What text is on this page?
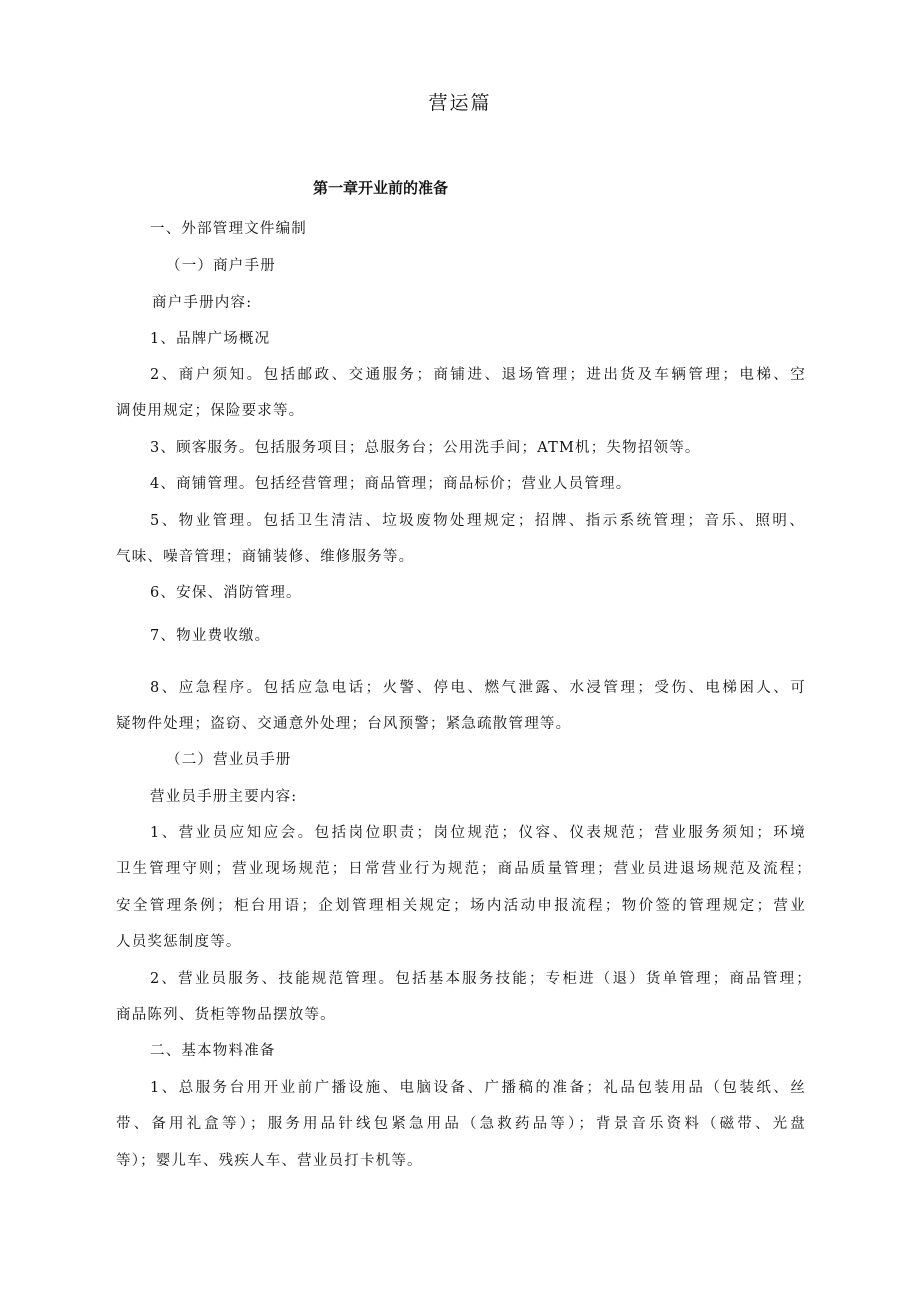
营运篇
第一章开业前的准备
一、外部管理文件编制
（一）商户手册
商户手册内容:
1、品牌广场概况
2、商户须知。包括邮政、交通服务；商铺进、退场管理；进出货及车辆管理；电梯、空
调使用规定；保险要求等。
3、顾客服务。包括服务项目；总服务台；公用洗手间；ATM机；失物招领等。
4、商铺管理。包括经营管理；商品管理；商品标价；营业人员管理。
5、物业管理。包括卫生清洁、垃圾废物处理规定；招牌、指示系统管理；音乐、照明、
气味、噪音管理；商铺装修、维修服务等。
6、安保、消防管理。
7、物业费收缴。
8、应急程序。包括应急电话；火警、停电、燃气泄露、水浸管理；受伤、电梯困人、可
疑物件处理；盗窃、交通意外处理；台风预警；紧急疏散管理等。
（二）营业员手册
营业员手册主要内容:
1、营业员应知应会。包括岗位职责；岗位规范；仪容、仪表规范；营业服务须知；环境
卫生管理守则；营业现场规范；日常营业行为规范；商品质量管理；营业员进退场规范及流程；
安全管理条例；柜台用语；企划管理相关规定；场内活动申报流程；物价签的管理规定；营业
人员奖惩制度等。
2、营业员服务、技能规范管理。包括基本服务技能；专柜进（退）货单管理；商品管理；
商品陈列、货柜等物品摆放等。
二、基本物料准备
1、总服务台用开业前广播设施、电脑设备、广播稿的准备；礼品包装用品（包装纸、丝
带、备用礼盒等）；服务用品针线包紧急用品（急救药品等）；背景音乐资料（磁带、光盘
等）；婴儿车、残疾人车、营业员打卡机等。
